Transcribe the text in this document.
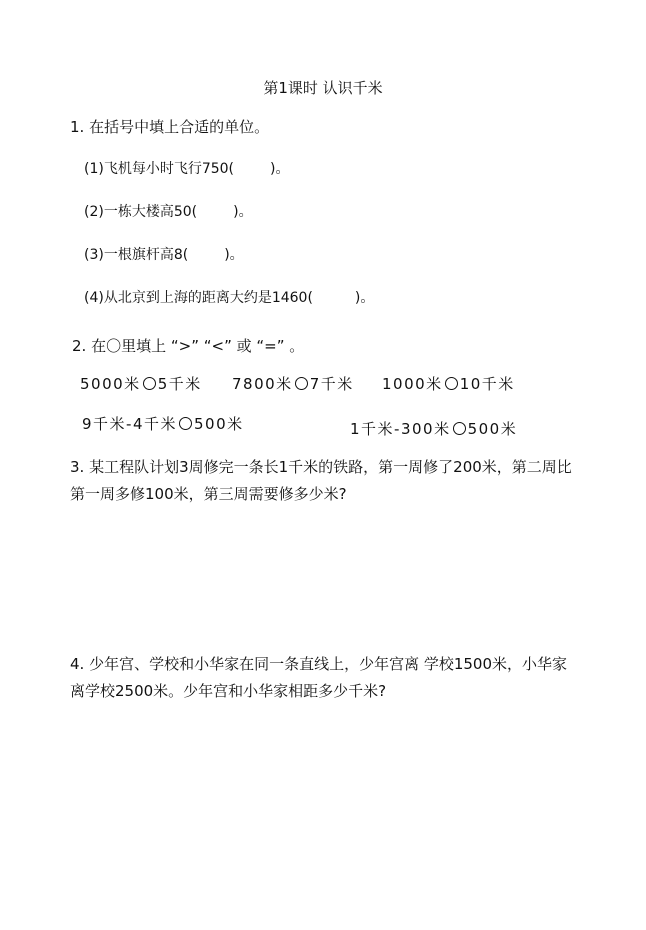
第1课时 认识千米
1. 在括号中填上合适的单位。
(1)飞机每小时飞行750(	)。
(2)一栋大楼高50(	)。
(3)一根旗杆高8(	)。
(4)从北京到上海的距离大约是1460(	)。
2. 在〇里填上 “>” “<” 或 “=” 。
5000米 5千米 7800米 7千米 1000米 10千米
9千米-4千米 500米	1千米-300米 500米
3. 某工程队计划3周修完一条长1千米的铁路，第一周修了200米，第二周比第一周多修100米，第三周需要修多少米?
4. 少年宫、学校和小华家在同一条直线上，少年宫离 学校1500米，小华家离学校2500米。少年宫和小华家相距多少千米?
